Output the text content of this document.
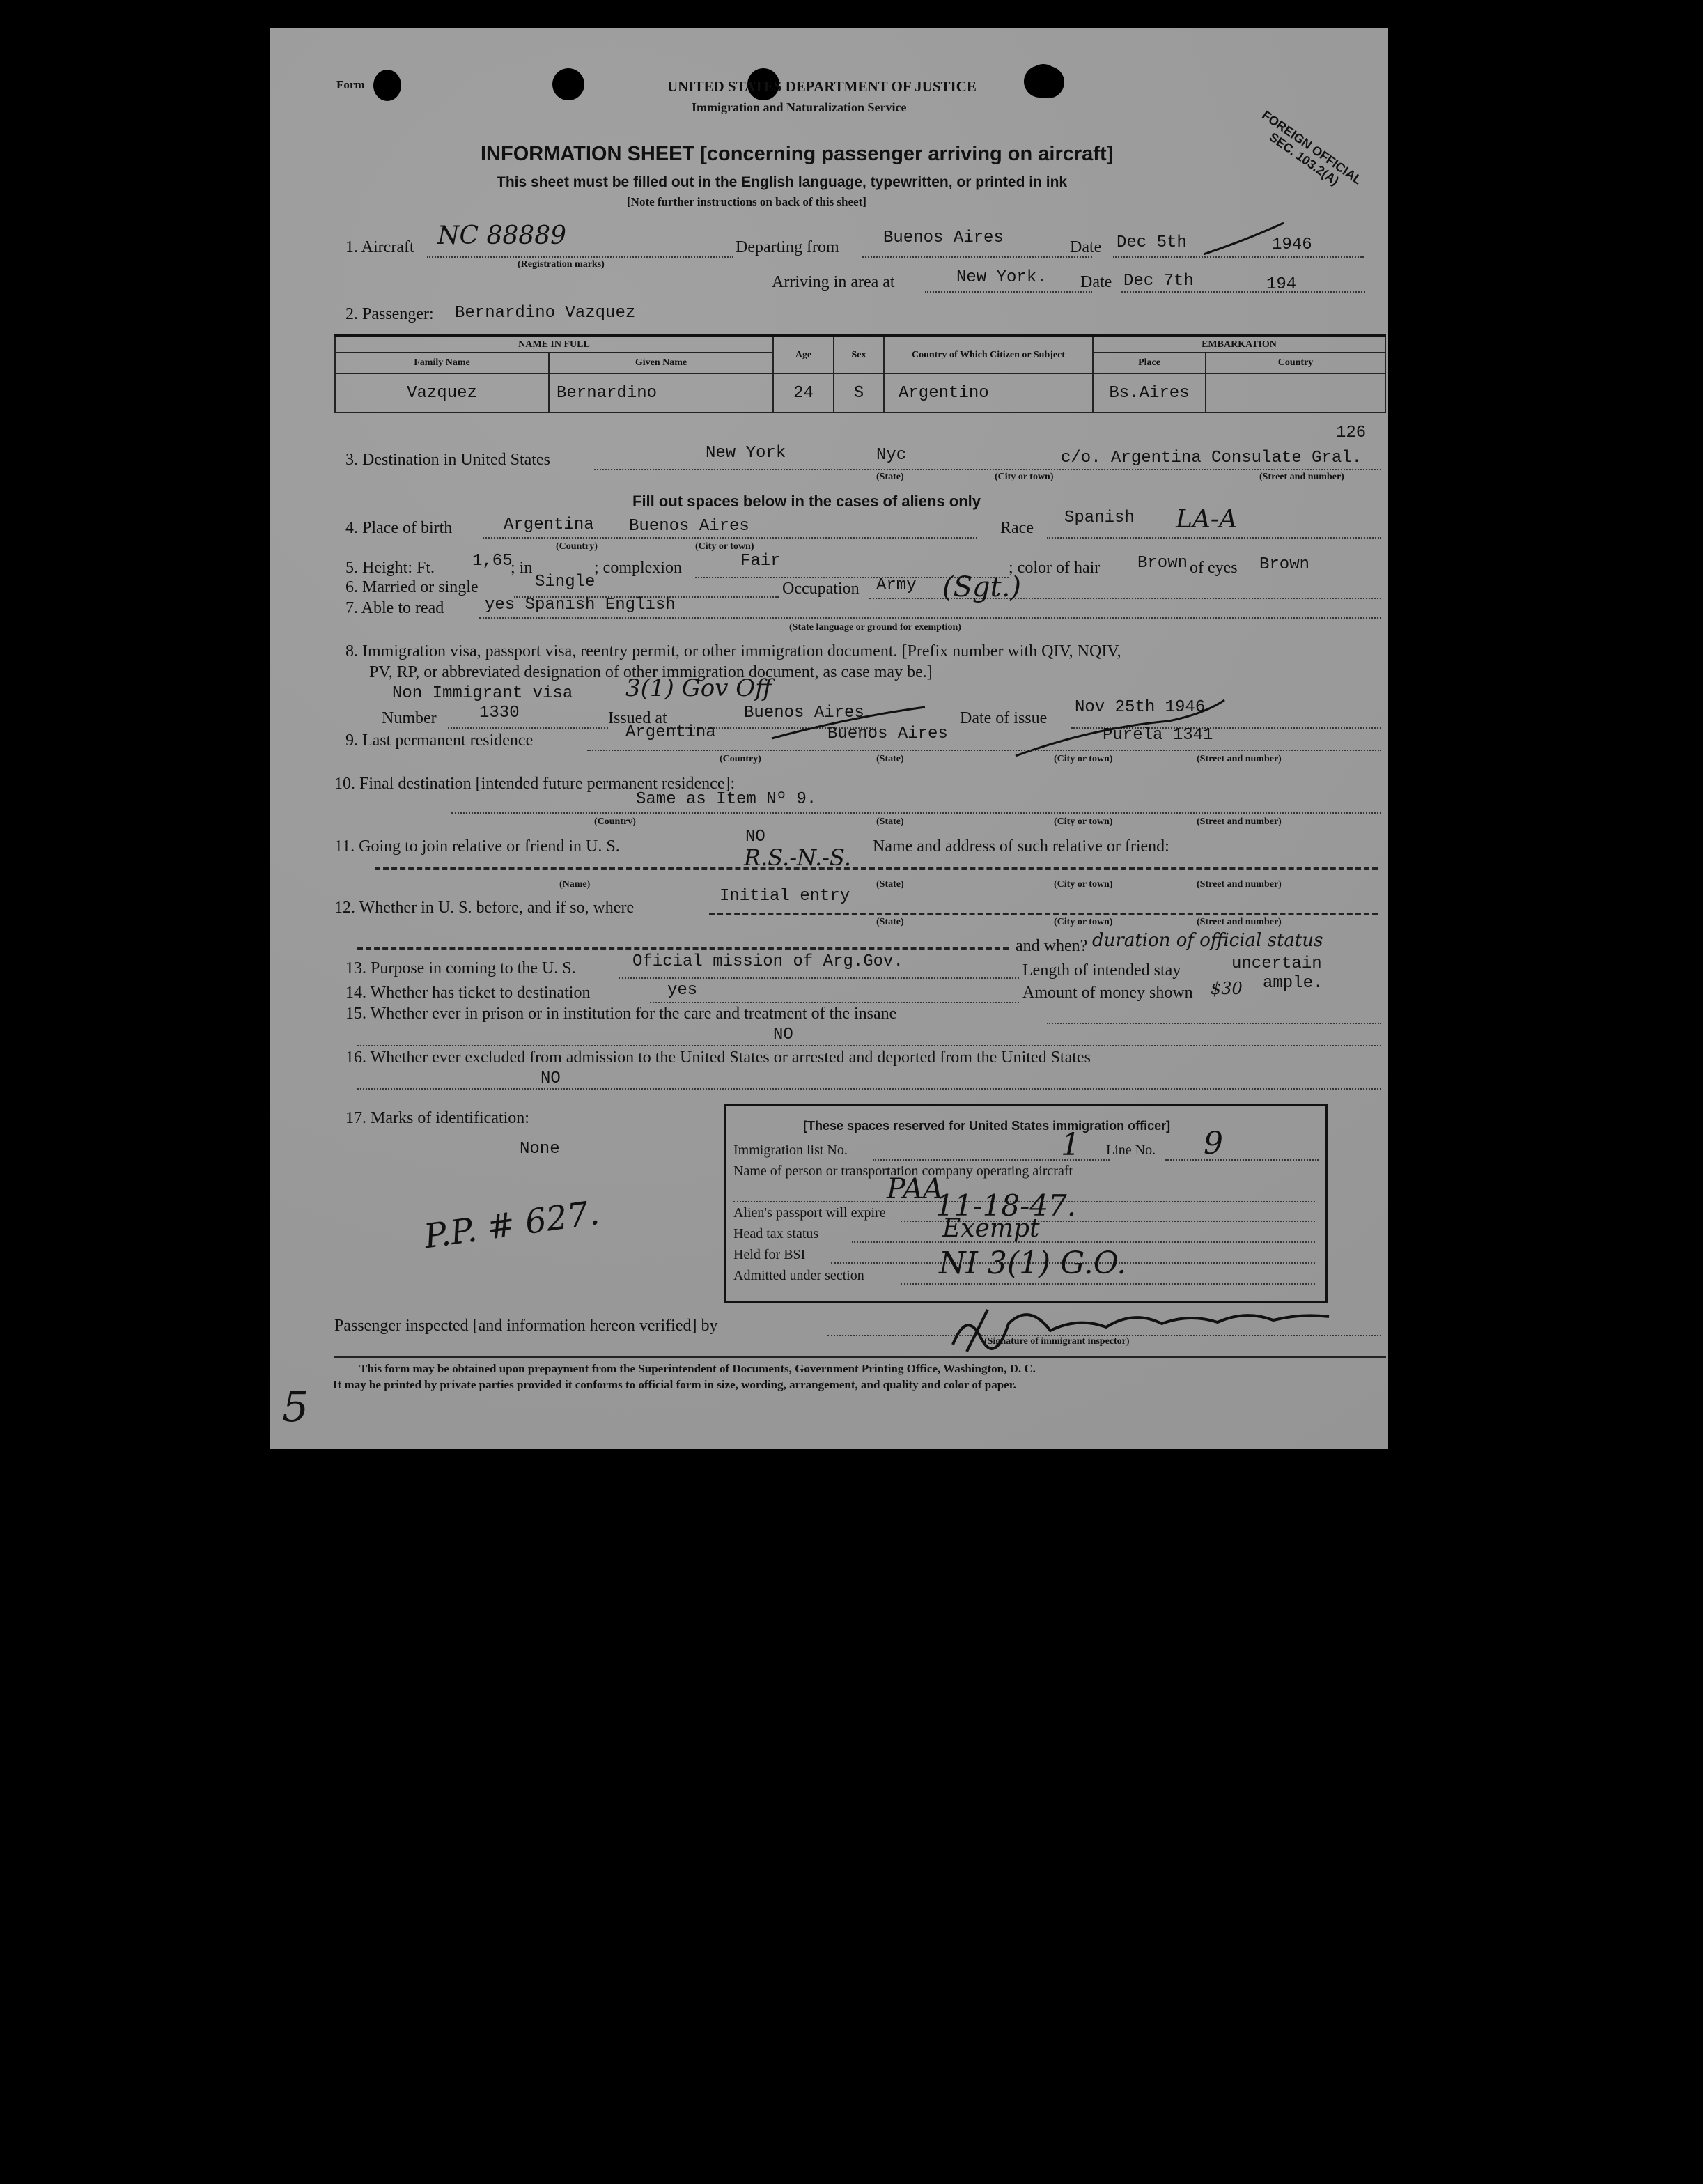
Form	UNITED STATES DEPARTMENT OF JUSTICE
Immigration and Naturalization Service
INFORMATION SHEET [concerning passenger arriving on aircraft]
This sheet must be filled out in the English language, typewritten, or printed in ink
[Note further instructions on back of this sheet]
FOREIGN OFFICIAL SEC. 103.2(A)
1. Aircraft NC 88889
(Registration marks)
Departing from	Buenos Aires	Date Dec 5th	1946
Arriving in area at	New York. Date Dec 7th	194
2. Passenger: Bernardino Vazquez
NAME IN FULL		Age	Sex	Country of Which Citizen or Subject	EMBARKATION	
Family Name	Given Name				Place	Country
Vazquez	Bernardino	24	S	Argentino	Bs.Aires	
3. Destination in United States	New York	Nyc	c/o. Argentina Consulate Gral.
126
(State)	(City or town)	(Street and number)
Fill out spaces below in the cases of aliens only
4. Place of birth	Argentina Buenos Aires
(Country)	(City or town)
Race
Spanish LA-A
5. Height: Ft. 1,65
; in	; complexion	Fair	; color of hair Brown of eyes Brown
6. Married or single	Single	Occupation Army (Sgt.)
7. Able to read yes Spanish English
(State language or ground for exemption)
8. Immigration visa, passport visa, reentry permit, or other immigration document. [Prefix number with QIV, NQIV,
PV, RP, or abbreviated designation of other immigration document, as case may be.]
Non Immigrant visa 3(1) Gov Off
Number	1330	Issued at	Buenos Aires	Date of issue
Nov 25th 1946
9. Last permanent residence	Argentina	Buenos Aires	Purela 1341
(Country)	(State)	(City or town)	(Street and number)
10. Final destination [intended future permanent residence]:
Same as Item Nº 9.
(Country)	(State)	(City or town)	(Street and number)
11. Going to join relative or friend in U. S.	NO	Name and address of such relative or friend:
R.S.-N.-S.
(Name)	(State)	(City or town)	(Street and number)
12. Whether in U. S. before, and if so, where
Initial entry
(State)	(City or town)	(Street and number)
and when? duration of official status
13. Purpose in coming to the U. S.	Oficial mission of Arg.Gov.	Length of intended stay	uncertain
14. Whether has ticket to destination	yes	Amount of money shown $30 ample.
15. Whether ever in prison or in institution for the care and treatment of the insane
NO
16. Whether ever excluded from admission to the United States or arrested and deported from the United States
NO
17. Marks of identification:
None
P.P. # 627.
[These spaces reserved for United States immigration officer]
Immigration list No.	1 Line No. 9
Name of person or transportation company operating aircraft
PAA
Alien's passport will expire 11-18-47.
Head tax status	Exempt
Held for BSI
Admitted under section NI 3(1) G.O.
Passenger inspected [and information hereon verified] by
(Signature of immigrant inspector)
This form may be obtained upon prepayment from the Superintendent of Documents, Government Printing Office, Washington, D. C.
It may be printed by private parties provided it conforms to official form in size, wording, arrangement, and quality and color of paper.
5
